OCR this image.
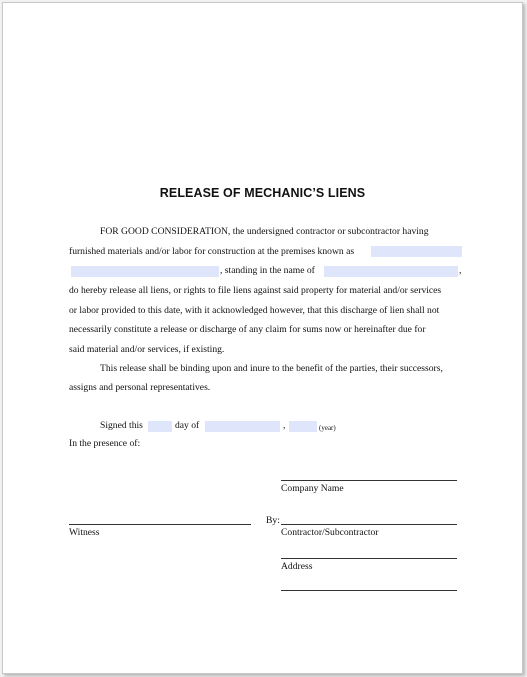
RELEASE OF MECHANIC’S LIENS
FOR GOOD CONSIDERATION, the undersigned contractor or subcontractor having
furnished materials and/or labor for construction at the premises known as
, standing in the name of	,
do hereby release all liens, or rights to file liens against said property for material and/or services
or labor provided to this date, with it acknowledged however, that this discharge of lien shall not
necessarily constitute a release or discharge of any claim for sums now or hereinafter due for
said material and/or services, if existing.
This release shall be binding upon and inure to the benefit of the parties, their successors,
assigns and personal representatives.
Signed this	day of	,	(year)
In the presence of:
Company Name
Witness
By:
Contractor/Subcontractor
Address
